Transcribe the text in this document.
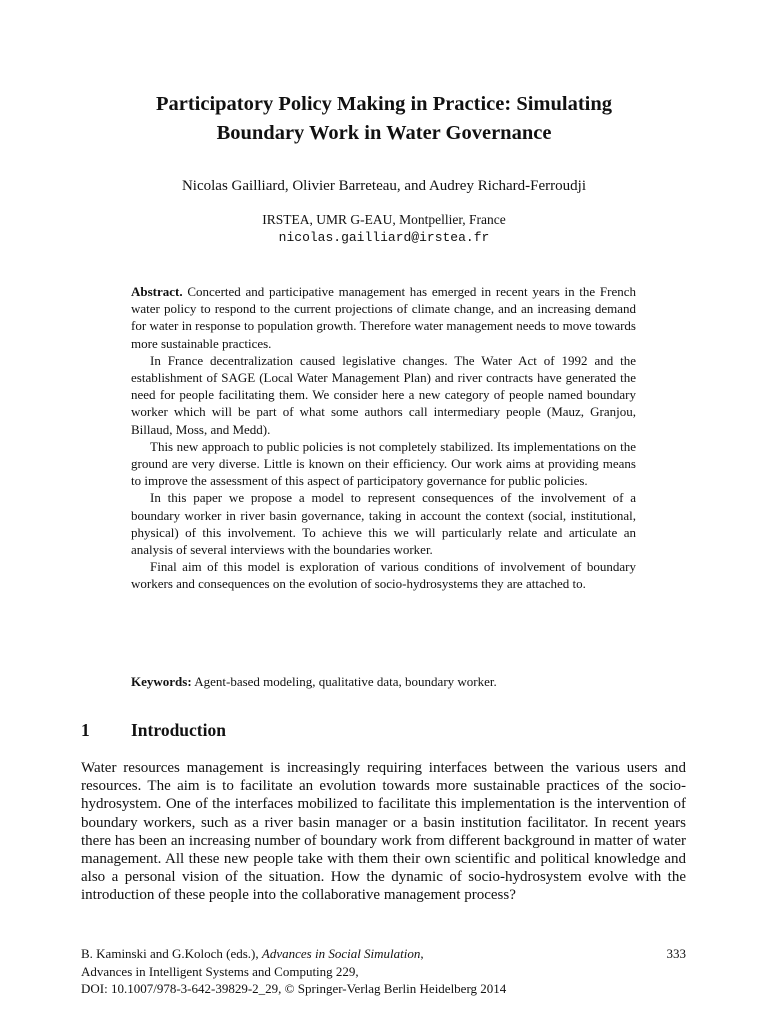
Participatory Policy Making in Practice: Simulating
Boundary Work in Water Governance
Nicolas Gailliard, Olivier Barreteau, and Audrey Richard-Ferroudji
IRSTEA, UMR G-EAU, Montpellier, France
nicolas.gailliard@irstea.fr

Abstract. Concerted and participative management has emerged in recent years in the French water policy to respond to the current projections of climate change, and an increasing demand for water in response to population growth. Therefore water management needs to move towards more sustainable practices.

In France decentralization caused legislative changes. The Water Act of 1992 and the establishment of SAGE (Local Water Management Plan) and river contracts have generated the need for people facilitating them. We consider here a new category of people named boundary worker which will be part of what some authors call intermediary people (Mauz, Granjou, Billaud, Moss, and Medd).

This new approach to public policies is not completely stabilized. Its implementations on the ground are very diverse. Little is known on their efficiency. Our work aims at providing means to improve the assessment of this aspect of participatory governance for public policies.

In this paper we propose a model to represent consequences of the involvement of a boundary worker in river basin governance, taking in account the context (social, institutional, physical) of this involvement. To achieve this we will particularly relate and articulate an analysis of several interviews with the boundaries worker.

Final aim of this model is exploration of various conditions of involvement of boundary workers and consequences on the evolution of socio-hydrosystems they are attached to.

Keywords: Agent-based modeling, qualitative data, boundary worker.
1 Introduction

Water resources management is increasingly requiring interfaces between the various users and resources. The aim is to facilitate an evolution towards more sustainable practices of the socio-hydrosystem. One of the interfaces mobilized to facilitate this implementation is the intervention of boundary workers, such as a river basin manager or a basin institution facilitator. In recent years there has been an increasing number of boundary work from different background in matter of water management. All these new people take with them their own scientific and political knowledge and also a personal vision of the situation. How the dynamic of socio-hydrosystem evolve with the introduction of these people into the collaborative management process?

B. Kaminski and G.Koloch (eds.), Advances in Social Simulation,
Advances in Intelligent Systems and Computing 229,
DOI: 10.1007/978-3-642-39829-2_29, © Springer-Verlag Berlin Heidelberg 2014
333
